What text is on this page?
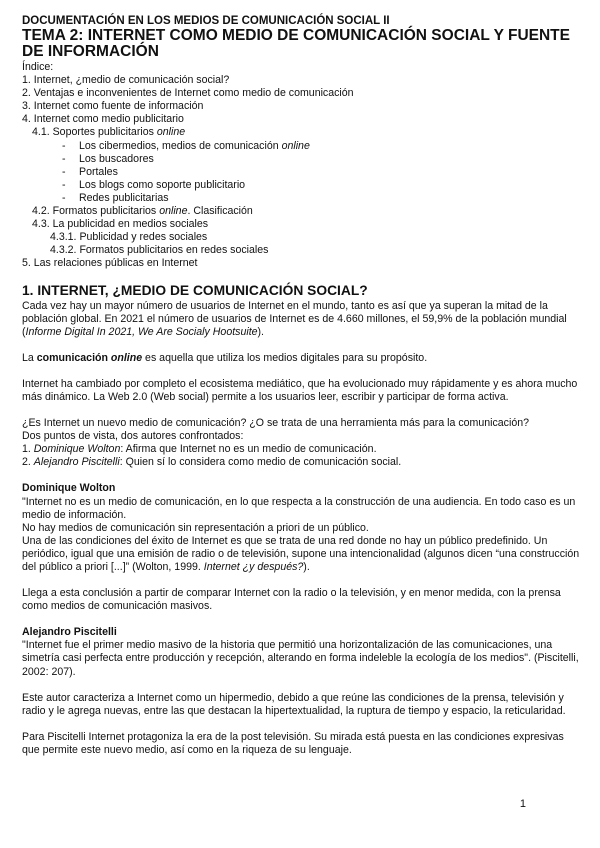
DOCUMENTACIÓN EN LOS MEDIOS DE COMUNICACIÓN SOCIAL II
TEMA 2: INTERNET COMO MEDIO DE COMUNICACIÓN SOCIAL Y FUENTE DE INFORMACIÓN
Índice:
1. Internet, ¿medio de comunicación social?
2. Ventajas e inconvenientes de Internet como medio de comunicación
3. Internet como fuente de información
4. Internet como medio publicitario
4.1. Soportes publicitarios online
- Los cibermedios, medios de comunicación online
- Los buscadores
- Portales
- Los blogs como soporte publicitario
- Redes publicitarias
4.2. Formatos publicitarios online. Clasificación
4.3. La publicidad en medios sociales
4.3.1. Publicidad y redes sociales
4.3.2. Formatos publicitarios en redes sociales
5. Las relaciones públicas en Internet
1. INTERNET, ¿MEDIO DE COMUNICACIÓN SOCIAL?

Cada vez hay un mayor número de usuarios de Internet en el mundo, tanto es así que ya superan la mitad de la población global. En 2021 el número de usuarios de Internet es de 4.660 millones, el 59,9% de la población mundial (Informe Digital In 2021, We Are Socialy Hootsuite).

La comunicación online es aquella que utiliza los medios digitales para su propósito.

Internet ha cambiado por completo el ecosistema mediático, que ha evolucionado muy rápidamente y es ahora mucho más dinámico. La Web 2.0 (Web social) permite a los usuarios leer, escribir y participar de forma activa.

¿Es Internet un nuevo medio de comunicación? ¿O se trata de una herramienta más para la comunicación?

Dos puntos de vista, dos autores confrontados:

1. Dominique Wolton: Afirma que Internet no es un medio de comunicación.

2. Alejandro Piscitelli: Quien sí lo considera como medio de comunicación social.

Dominique Wolton

"Internet no es un medio de comunicación, en lo que respecta a la construcción de una audiencia. En todo caso es un medio de información.

No hay medios de comunicación sin representación a priori de un público.

Una de las condiciones del éxito de Internet es que se trata de una red donde no hay un público predefinido. Un periódico, igual que una emisión de radio o de televisión, supone una intencionalidad (algunos dicen “una construcción del público a priori [...]” (Wolton, 1999. Internet ¿y después?).

Llega a esta conclusión a partir de comparar Internet con la radio o la televisión, y en menor medida, con la prensa como medios de comunicación masivos.

Alejandro Piscitelli

"Internet fue el primer medio masivo de la historia que permitió una horizontalización de las comunicaciones, una simetría casi perfecta entre producción y recepción, alterando en forma indeleble la ecología de los medios". (Piscitelli, 2002: 207).

Este autor caracteriza a Internet como un hipermedio, debido a que reúne las condiciones de la prensa, televisión y radio y le agrega nuevas, entre las que destacan la hipertextualidad, la ruptura de tiempo y espacio, la reticularidad.

Para Piscitelli Internet protagoniza la era de la post televisión. Su mirada está puesta en las condiciones expresivas que permite este nuevo medio, así como en la riqueza de su lenguaje.

1
